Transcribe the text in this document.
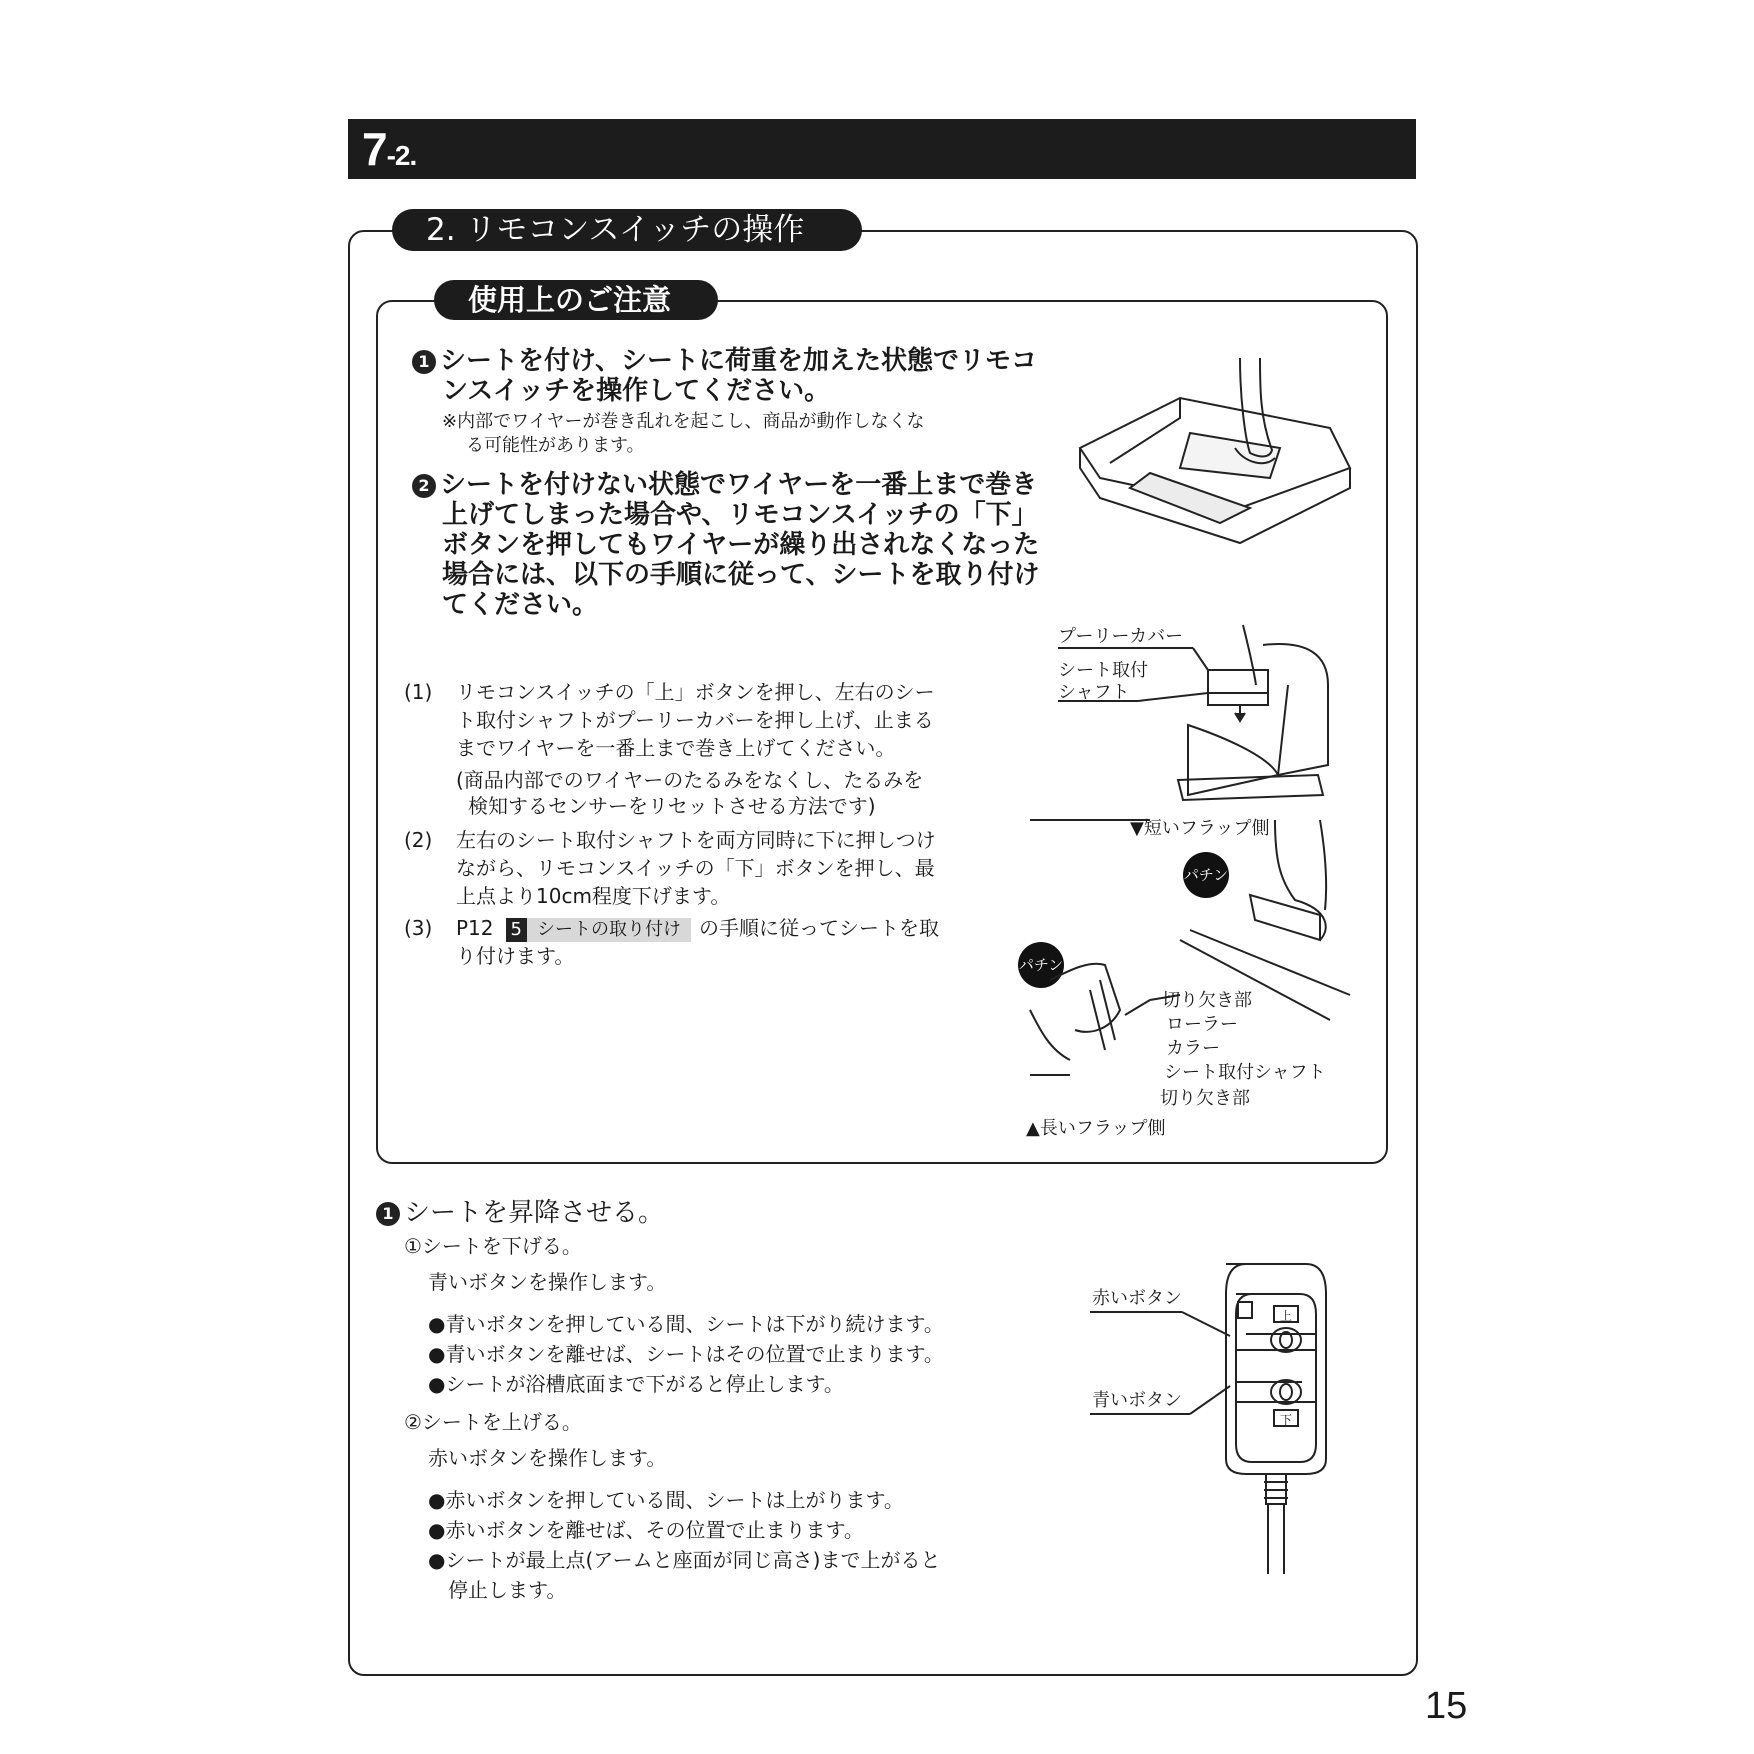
7-2.
2. リモコンスイッチの操作
使用上のご注意
1 シートを付け、シートに荷重を加えた状態でリモコ
ンスイッチを操作してください。
※内部でワイヤーが巻き乱れを起こし、商品が動作しなくな
る可能性があります。
2 シートを付けない状態でワイヤーを一番上まで巻き
上げてしまった場合や、リモコンスイッチの「下」
ボタンを押してもワイヤーが繰り出されなくなった
場合には、以下の手順に従って、シートを取り付け
てください。
(1) リモコンスイッチの「上」ボタンを押し、左右のシー
ト取付シャフトがプーリーカバーを押し上げ、止まる
までワイヤーを一番上まで巻き上げてください。
(商品内部でのワイヤーのたるみをなくし、たるみを
検知するセンサーをリセットさせる方法です)
(2) 左右のシート取付シャフトを両方同時に下に押しつけ
ながら、リモコンスイッチの「下」ボタンを押し、最
上点より10cm程度下げます。
(3) P12 5 シートの取り付け の手順に従ってシートを取
り付けます。
プーリーカバー
シート取付
シャフト
▼短いフラップ側
パチン
パチン
切り欠き部
ローラー
カラー
シート取付シャフト
切り欠き部
▲長いフラップ側
1 シートを昇降させる。
①シートを下げる。
青いボタンを操作します。
●青いボタンを押している間、シートは下がり続けます。
●青いボタンを離せば、シートはその位置で止まります。
●シートが浴槽底面まで下がると停止します。
②シートを上げる。
赤いボタンを操作します。
●赤いボタンを押している間、シートは上がります。
●赤いボタンを離せば、その位置で止まります。
●シートが最上点(アームと座面が同じ高さ)まで上がると
停止します。
赤いボタン
青いボタン
上
下
15
